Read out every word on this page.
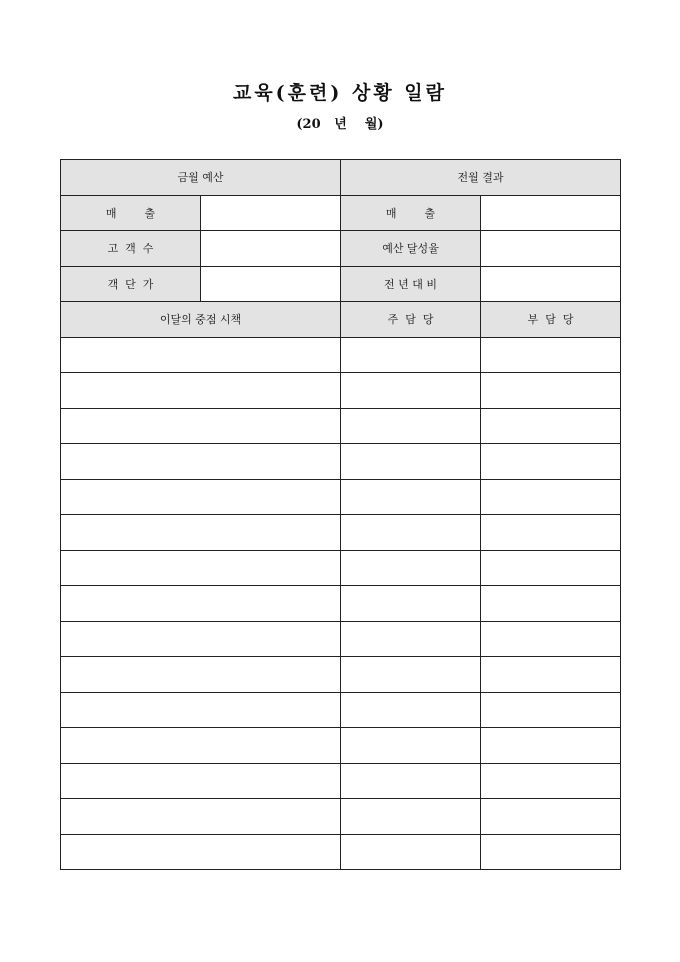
교육(훈련) 상황 일람
(20   년    월)
금월 예산		전월 결과	
매        출		매        출	
고  객  수		예산 달성율	
객  단  가		전 년 대 비	
이달의 중점 시책		주  담  당	부  담  당
